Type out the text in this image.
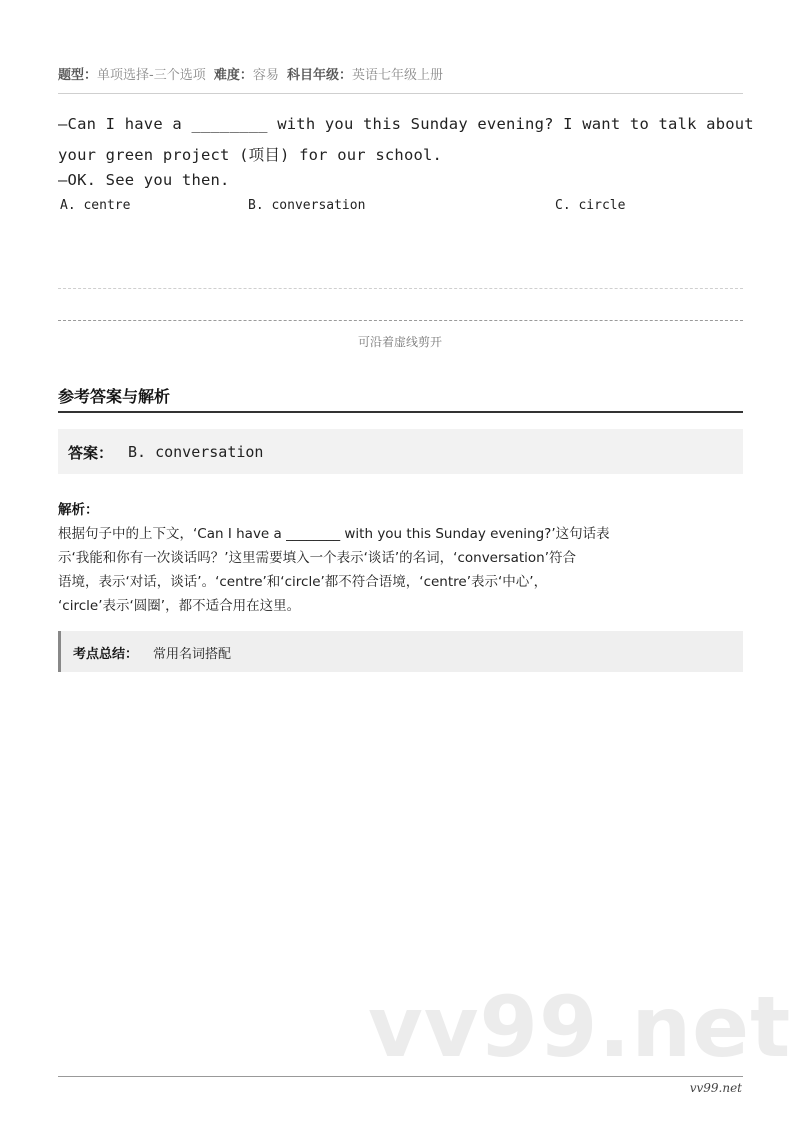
题型：单项选择-三个选项 难度：容易 科目年级：英语七年级上册
—Can I have a ________ with you this Sunday evening? I want to talk about
your green project (项目) for our school.
—OK. See you then.
A. centre	B. conversation	C. circle
可沿着虚线剪开
参考答案与解析
答案： B. conversation
解析：
根据句子中的上下文，‘Can I have a ________ with you this Sunday evening?’这句话表
示‘我能和你有一次谈话吗？’这里需要填入一个表示‘谈话’的名词，‘conversation’符合
语境，表示‘对话，谈话’。‘centre’和‘circle’都不符合语境，‘centre’表示‘中心’，
‘circle’表示‘圆圈’，都不适合用在这里。
考点总结： 常用名词搭配
vv99.net
vv99.net
